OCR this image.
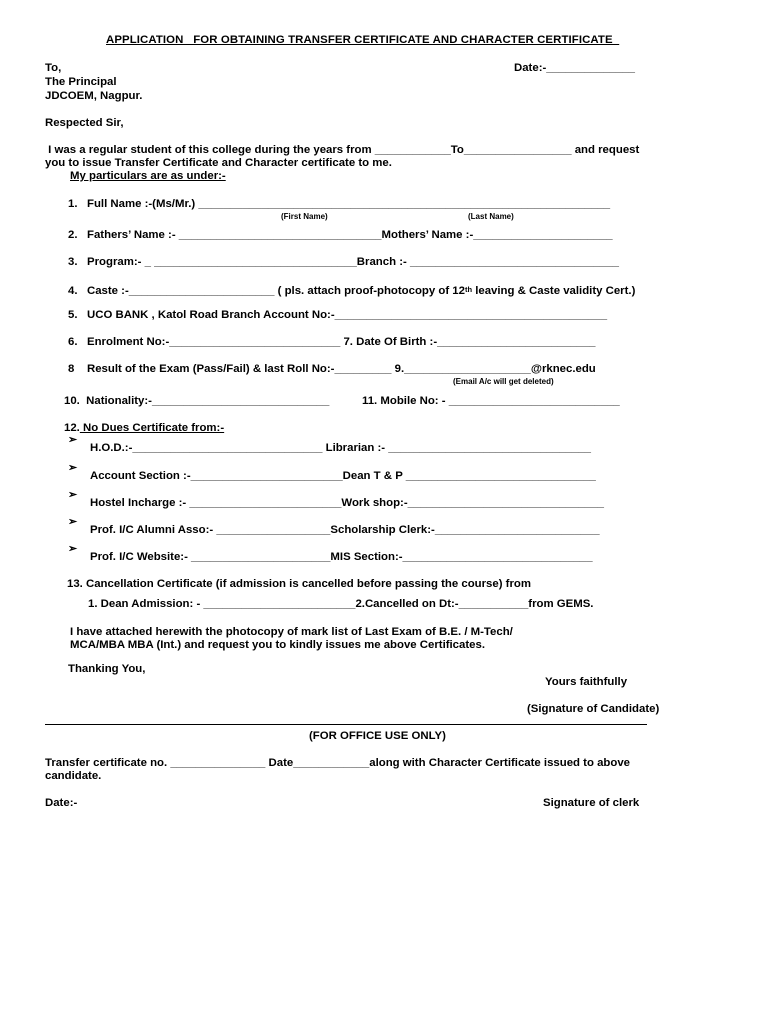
APPLICATION   FOR OBTAINING TRANSFER CERTIFICATE AND CHARACTER CERTIFICATE
To,	Date:-______________
The Principal
JDCOEM, Nagpur.
Respected Sir,
I was a regular student of this college during the years from ____________To_________________ and request
you to issue Transfer Certificate and Character certificate to me.
My particulars are as under:-
1.   Full Name :-(Ms/Mr.) _________________________________________________________________
(First Name)	(Last Name)
2.   Fathers’ Name :- ________________________________Mothers’ Name :-______________________
3.   Program:- _ ________________________________Branch :- _________________________________
4.   Caste :-_______________________ ( pls. attach proof-photocopy of 12th leaving & Caste validity Cert.)
5.   UCO BANK , Katol Road Branch Account No:-___________________________________________
6.   Enrolment No:-___________________________ 7. Date Of Birth :-_________________________
8    Result of the Exam (Pass/Fail) & last Roll No:-_________ 9.____________________@rknec.edu
(Email A/c will get deleted)
10.  Nationality:-____________________________	11. Mobile No: - ___________________________
12. No Dues Certificate from:-
➢
H.O.D.:-______________________________ Librarian :- ________________________________
➢
Account Section :-________________________Dean T & P ______________________________
➢
Hostel Incharge :- ________________________Work shop:-_______________________________
➢
Prof. I/C Alumni Asso:- __________________Scholarship Clerk:-__________________________
➢
Prof. I/C Website:- ______________________MIS Section:-______________________________
13. Cancellation Certificate (if admission is cancelled before passing the course) from
1. Dean Admission: - ________________________2.Cancelled on Dt:-___________from GEMS.
I have attached herewith the photocopy of mark list of Last Exam of B.E. / M-Tech/
MCA/MBA MBA (Int.) and request you to kindly issues me above Certificates.
Thanking You,
Yours faithfully
(Signature of Candidate)
(FOR OFFICE USE ONLY)
Transfer certificate no. _______________ Date____________along with Character Certificate issued to above
candidate.
Date:-	Signature of clerk
